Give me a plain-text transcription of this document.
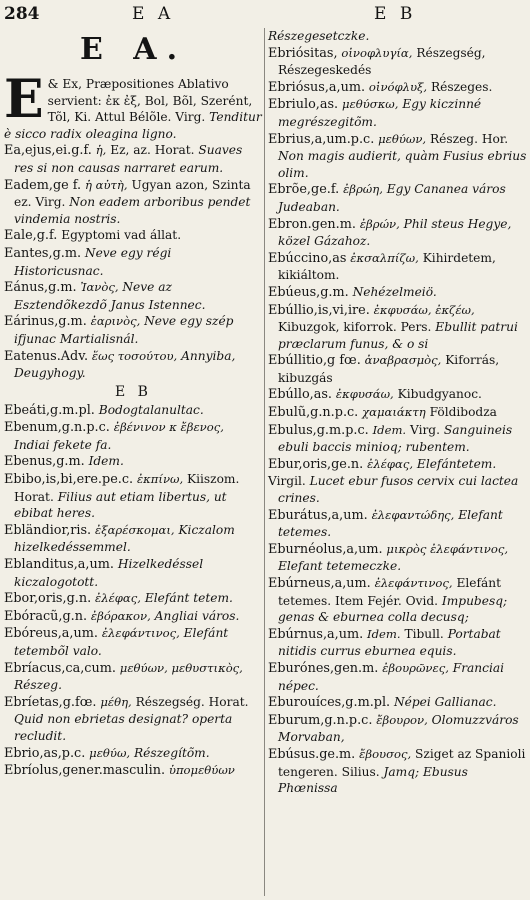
284	E A	E B
E A.

E & Ex, Præpositiones Ablativo servient: ἐκ ἐξ, Bol, Bõl, Szerént, Tõl, Ki. Attul Bélõle. Virg. Tenditur è sicco radix oleagina ligno.

Ea,ejus,ei.g.f. ἡ, Ez, az. Horat. Suaves res si non causas narraret earum.

Eadem,ge f. ἡ αὐτὴ, Ugyan azon, Szinta ez. Virg. Non eadem arboribus pendet vindemia nostris.

Eale,g.f. Egyptomi vad állat.

Eantes,g.m. Neve egy régi Historicusnac.

Eánus,g.m. Ἰανὸς, Neve az Esztendõkezdõ Janus Istennec.

Eárinus,g.m. ἐαρινὸς, Neve egy szép ifjunac Martialisnál.

Eatenus.Adv. ἕως τοσούτου, Annyiba, Deugyhogy.

E B

Ebeáti,g.m.pl. Bodogtalanultac.

Ebenum,g.n.p.c. ἐβένινον κ ἔβενος, Indiai fekete fa.

Ebenus,g.m. Idem.

Ebibo,is,bi,ere.pe.c. ἐκπίνω, Kiiszom. Horat. Filius aut etiam libertus, ut ebibat heres.

Ebländior,ris. ἐξαρέσκομαι, Kiczalom hizelkedéssemmel.

Eblanditus,a,um. Hizelkedéssel kiczalogotott.

Ebor,oris,g.n. ἐλέφας, Elefánt tetem.

Ebóracũ,g.n. ἐβόρακον, Angliai város.

Ebóreus,a,um. ἐλεφάντινος, Elefánt tetembõl valo.

Ebríacus,ca,cum. μεθύων, μεθυστικὸς, Részeg.

Ebríetas,g.fœ. μέθη, Részegség. Horat. Quid non ebrietas designat? operta recludit.

Ebrio,as,p.c. μεθύω, Részegítõm.

Ebríolus,gener.masculin. ὑπομεθύων

Részegesetczke.

Ebriósitas, οἰνοφλυγία, Részegség, Részegeskedés

Ebriósus,a,um. οἰνόφλυξ, Részeges.

Ebriulo,as. μεθύσκω, Egy kiczinné megrészegitõm.

Ebrius,a,um.p.c. μεθύων, Részeg. Hor. Non magis audierit, quàm Fusius ebrius olim.

Ebrõe,ge.f. ἐβρώη, Egy Cananea város Judeaban.

Ebron.gen.m. ἐβρών, Phil steus Hegye, közel Gázahoz.

Ebúccino,as ἐκσαλπίζω, Kihirdetem, kikiáltom.

Ebúeus,g.m. Nehézelmeiö.

Ebúllio,is,vi,ire. ἐκφυσάω, ἐκζέω, Kibuzgok, kiforrok. Pers. Ebullit patrui præclarum funus, & o si

Ebúllitio,g fœ. ἀναβρασμὸς, Kiforrás, kibuzgás

Ebúllo,as. ἐκφυσάω, Kibudgyanoc.

Ebulũ,g.n.p.c. χαμαιάκτη Földibodza

Ebulus,g.m.p.c. Idem. Virg. Sanguineis ebuli baccis minioq; rubentem.

Ebur,oris,ge.n. ἐλέφας, Elefántetem.

Virgil. Lucet ebur fusos cervix cui lactea crines.

Eburátus,a,um. ἐλεφαντώδης, Elefant tetemes.

Eburnéolus,a,um. μικρὸς ἐλεφάντινος, Elefant tetemeczke.

Ebúrneus,a,um. ἐλεφάντινος, Elefánt tetemes. Item Fejér. Ovid. Impubesq; genas & eburnea colla decusq;

Ebúrnus,a,um. Idem. Tibull. Portabat nitidis currus eburnea equis.

Eburónes,gen.m. ἐβουρῶνες, Franciai népec.

Eburouíces,g.m.pl. Népei Gallianac.

Eburum,g.n.p.c. ἔβουρον, Olomuzzváros Morvaban,

Ebúsus.ge.m. ἔβουσος, Sziget az Spanioli tengeren. Silius. Jamq; Ebusus Phœnissa
